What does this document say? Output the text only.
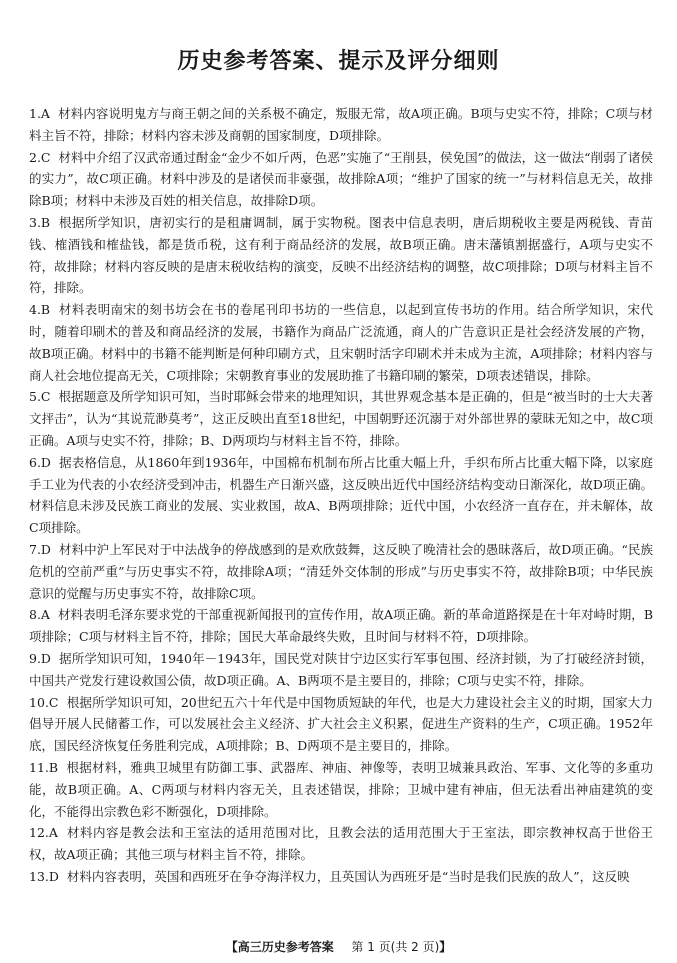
历史参考答案、提示及评分细则

1.A 材料内容说明鬼方与商王朝之间的关系极不确定，叛服无常，故A项正确。B项与史实不符，排除；C项与材料主旨不符，排除；材料内容未涉及商朝的国家制度，D项排除。

2.C 材料中介绍了汉武帝通过酎金“金少不如斤两，色恶”实施了“王削县，侯免国”的做法，这一做法“削弱了诸侯的实力”，故C项正确。材料中涉及的是诸侯而非豪强，故排除A项；“维护了国家的统一”与材料信息无关，故排除B项；材料中未涉及百姓的相关信息，故排除D项。

3.B 根据所学知识，唐初实行的是租庸调制，属于实物税。图表中信息表明，唐后期税收主要是两税钱、青苗钱、榷酒钱和榷盐钱，都是货币税，这有利于商品经济的发展，故B项正确。唐末藩镇割据盛行，A项与史实不符，故排除；材料内容反映的是唐末税收结构的演变，反映不出经济结构的调整，故C项排除；D项与材料主旨不符，排除。

4.B 材料表明南宋的刻书坊会在书的卷尾刊印书坊的一些信息，以起到宣传书坊的作用。结合所学知识，宋代时，随着印刷术的普及和商品经济的发展，书籍作为商品广泛流通，商人的广告意识正是社会经济发展的产物，故B项正确。材料中的书籍不能判断是何种印刷方式，且宋朝时活字印刷术并未成为主流，A项排除；材料内容与商人社会地位提高无关，C项排除；宋朝教育事业的发展助推了书籍印刷的繁荣，D项表述错误，排除。

5.C 根据题意及所学知识可知，当时耶稣会带来的地理知识，其世界观念基本是正确的，但是“被当时的士大夫著文抨击”，认为“其说荒渺莫考”，这正反映出直至18世纪，中国朝野还沉溺于对外部世界的蒙昧无知之中，故C项正确。A项与史实不符，排除；B、D两项均与材料主旨不符，排除。

6.D 据表格信息，从1860年到1936年，中国棉布机制布所占比重大幅上升，手织布所占比重大幅下降，以家庭手工业为代表的小农经济受到冲击，机器生产日渐兴盛，这反映出近代中国经济结构变动日渐深化，故D项正确。材料信息未涉及民族工商业的发展、实业救国，故A、B两项排除；近代中国，小农经济一直存在，并未解体，故C项排除。

7.D 材料中沪上军民对于中法战争的停战感到的是欢欣鼓舞，这反映了晚清社会的愚昧落后，故D项正确。“民族危机的空前严重”与历史事实不符，故排除A项；“清廷外交体制的形成”与历史事实不符，故排除B项；中华民族意识的觉醒与历史事实不符，故排除C项。

8.A 材料表明毛泽东要求党的干部重视新闻报刊的宣传作用，故A项正确。新的革命道路探是在十年对峙时期，B项排除；C项与材料主旨不符，排除；国民大革命最终失败，且时间与材料不符，D项排除。

9.D 据所学知识可知，1940年－1943年，国民党对陕甘宁边区实行军事包围、经济封锁，为了打破经济封锁，中国共产党发行建设救国公债，故D项正确。A、B两项不是主要目的，排除；C项与史实不符，排除。

10.C 根据所学知识可知，20世纪五六十年代是中国物质短缺的年代，也是大力建设社会主义的时期，国家大力倡导开展人民储蓄工作，可以发展社会主义经济、扩大社会主义积累，促进生产资料的生产，C项正确。1952年底，国民经济恢复任务胜利完成，A项排除；B、D两项不是主要目的，排除。

11.B 根据材料，雅典卫城里有防御工事、武器库、神庙、神像等，表明卫城兼具政治、军事、文化等的多重功能，故B项正确。A、C两项与材料内容无关，且表述错误，排除；卫城中建有神庙，但无法看出神庙建筑的变化，不能得出宗教色彩不断强化，D项排除。

12.A 材料内容是教会法和王室法的适用范围对比，且教会法的适用范围大于王室法，即宗教神权高于世俗王权，故A项正确；其他三项与材料主旨不符，排除。

13.D 材料内容表明，英国和西班牙在争夺海洋权力，且英国认为西班牙是“当时是我们民族的敌人”，这反映

【高三历史参考答案 第 1 页(共 2 页)】
